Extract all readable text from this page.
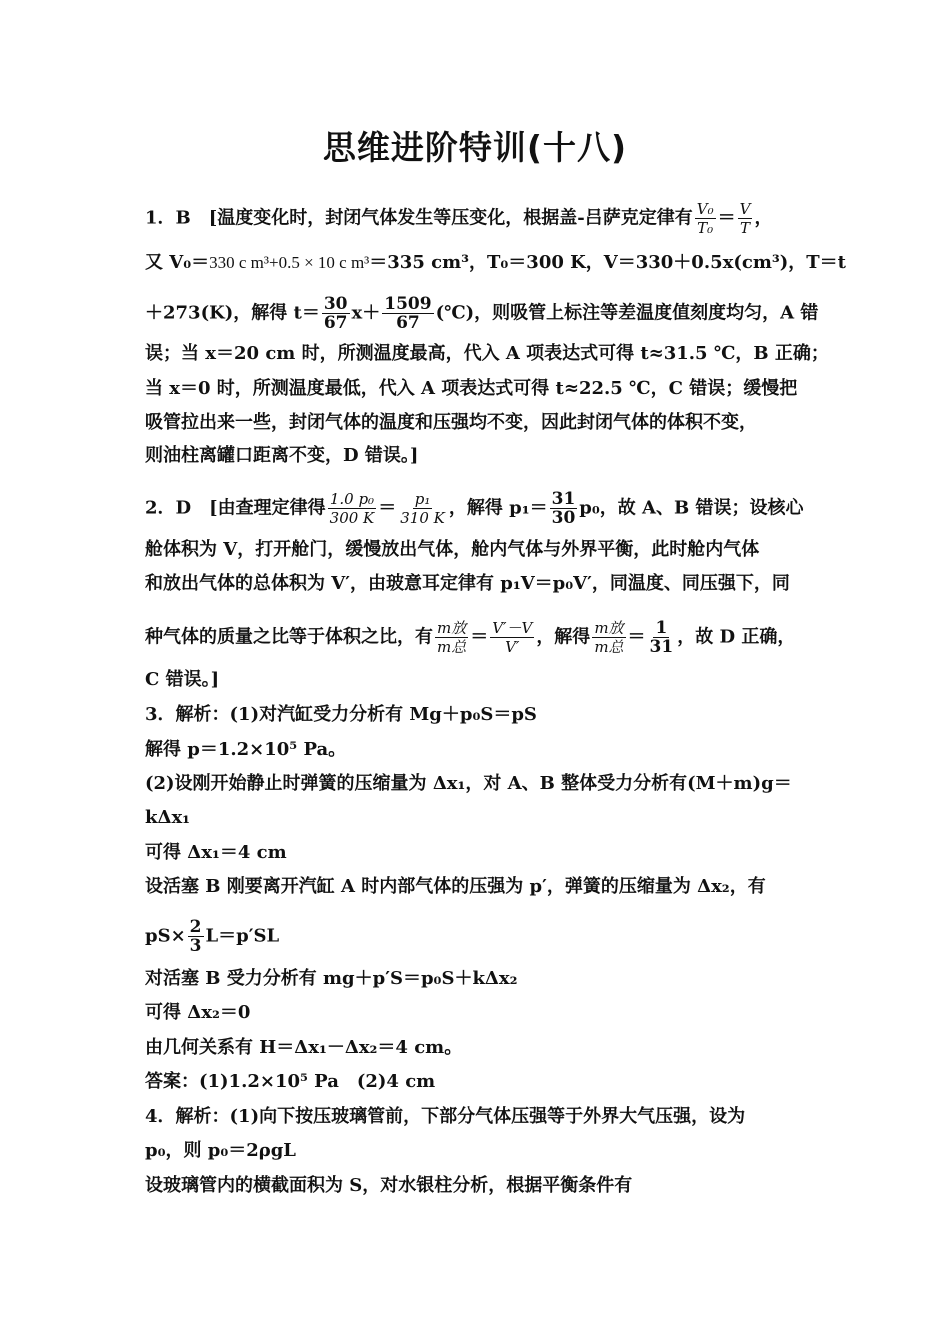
思维进阶特训(十八)
1．B　[温度变化时，封闭气体发生等压变化，根据盖-吕萨克定律有 $\frac{\text{V₀}}{\text{T₀}} = \frac{V}{T}$ ，
又 V₀＝330 c m³+0.5 × 10 c m³＝335 cm³，T₀＝300 K，V＝330＋0.5x(cm³)，T＝t
＋273(K)，解得 $t= \frac{30}{67} x+ \frac{1509}{67}$ (℃)，则吸管上标注等差温度值刻度均匀，A 错
误；当 x＝20 cm 时，所测温度最高，代入 A 项表达式可得 t≈31.5 ℃，B 正确；
当 x＝0 时，所测温度最低，代入 A 项表达式可得 t≈22.5 ℃，C 错误；缓慢把
吸管拉出来一些，封闭气体的温度和压强均不变，因此封闭气体的体积不变，
则油柱离罐口距离不变，D 错误。]
2．D　[由查理定律得 $\frac{\text{1.0 p₀}}{300 K} = \frac{\text{p₁}}{310 K}$ ，解得 $p_1= \frac{31}{30} p_0$，故 A、B 错误；设核心
舱体积为 V，打开舱门，缓慢放出气体，舱内气体与外界平衡，此时舱内气体
和放出气体的总体积为 V′，由玻意耳定律有 p₁V＝p₀V′，同温度、同压强下，同
种气体的质量之比等于体积之比，有 m放
m总 ＝ $\frac{V'-V}{V'}$ ，解得 m放
m总 ＝ $\frac{1}{31}$ ，故 D 正确，
C 错误。]
3．解析：(1)对汽缸受力分析有 Mg＋p₀S＝pS
解得 p＝1.2×10⁵ Pa。
(2)设刚开始静止时弹簧的压缩量为 Δx₁，对 A、B 整体受力分析有(M＋m)g＝
kΔx₁
可得 Δx₁＝4 cm
设活塞 B 刚要离开汽缸 A 时内部气体的压强为 p′，弹簧的压缩量为 Δx₂，有
$pS\times \frac{2}{3} L=p'SL$
对活塞 B 受力分析有 mg＋p′S＝p₀S＋kΔx₂
可得 Δx₂＝0
由几何关系有 H＝Δx₁－Δx₂＝4 cm。
答案：(1)1.2×10⁵ Pa　(2)4 cm
4．解析：(1)向下按压玻璃管前，下部分气体压强等于外界大气压强，设为
p₀，则 p₀＝2ρgL
设玻璃管内的横截面积为 S，对水银柱分析，根据平衡条件有
